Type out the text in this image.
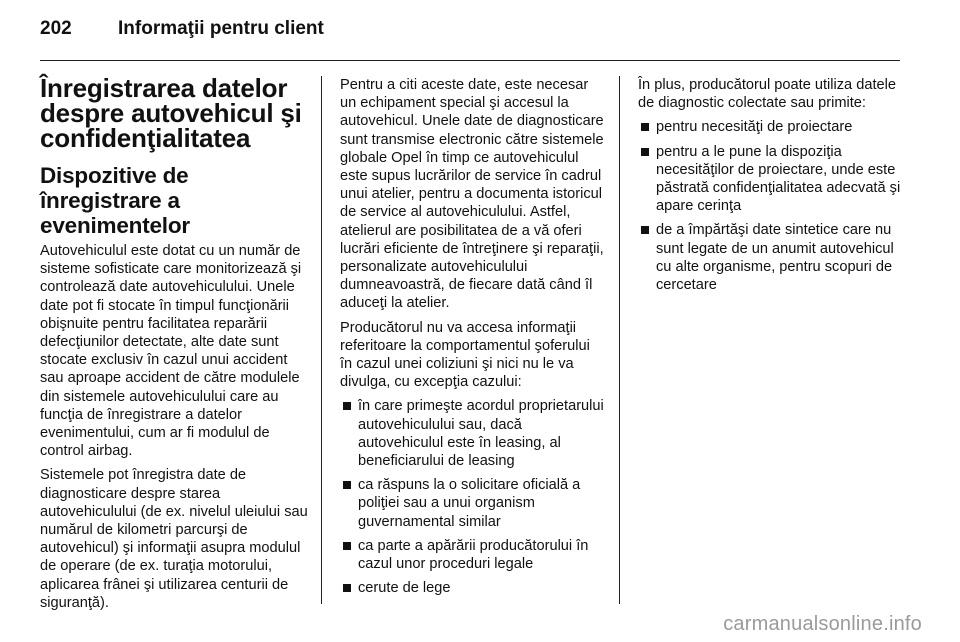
202	Informaţii pentru client
Înregistrarea datelor despre autovehicul şi confidenţialitatea
Dispozitive de înregistrare a evenimentelor

Autovehiculul este dotat cu un număr de sisteme sofisticate care monitorizează şi controlează date autovehiculului. Unele date pot fi stocate în timpul funcţionării obişnuite pentru facilitatea reparării defecţiunilor detectate, alte date sunt stocate exclusiv în cazul unui accident sau aproape accident de către modulele din sistemele autovehiculului care au funcţia de înregistrare a datelor evenimentului, cum ar fi modulul de control airbag.

Sistemele pot înregistra date de diagnosticare despre starea autovehiculului (de ex. nivelul uleiului sau numărul de kilometri parcurşi de autovehicul) şi informaţii asupra modulul de operare (de ex. turaţia motorului, aplicarea frânei şi utilizarea centurii de siguranţă).

Pentru a citi aceste date, este necesar un echipament special şi accesul la autovehicul. Unele date de diagnosticare sunt transmise electronic către sistemele globale Opel în timp ce autovehiculul este supus lucrărilor de service în cadrul unui atelier, pentru a documenta istoricul de service al autovehiculului. Astfel, atelierul are posibilitatea de a vă oferi lucrări eficiente de întreţinere şi reparaţii, personalizate autovehiculului dumneavoastră, de fiecare dată când îl aduceţi la atelier.

Producătorul nu va accesa informaţii referitoare la comportamentul şoferului în cazul unei coliziuni şi nici nu le va divulga, cu excepţia cazului:

în care primeşte acordul proprietarului autovehiculului sau, dacă autovehiculul este în leasing, al beneficiarului de leasing
ca răspuns la o solicitare oficială a poliţiei sau a unui organism guvernamental similar
ca parte a apărării producătorului în cazul unor proceduri legale
cerute de lege

În plus, producătorul poate utiliza datele de diagnostic colectate sau primite:

pentru necesităţi de proiectare
pentru a le pune la dispoziţia necesităţilor de proiectare, unde este păstrată confidenţialitatea adecvată şi apare cerinţa
de a împărtăşi date sintetice care nu sunt legate de un anumit autovehicul cu alte organisme, pentru scopuri de cercetare
carmanualsonline.info
